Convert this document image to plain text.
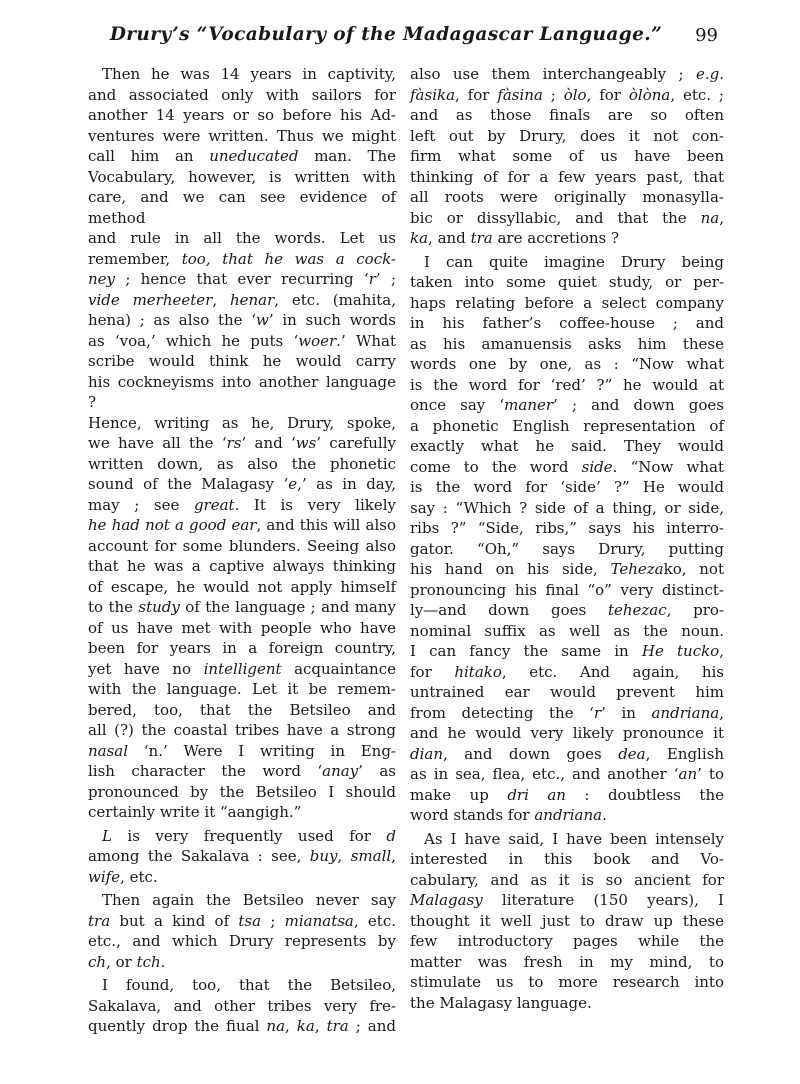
Drury’s “Vocabulary of the Madagascar Language.”	99

Then he was 14 years in captivity,
and associated only with sailors for
another 14 years or so before his Ad-
ventures were written. Thus we might
call him an uneducated man. The
Vocabulary, however, is written with
care, and we can see evidence of method
and rule in all the words. Let us
remember, too, that he was a cock-
ney ; hence that ever recurring ‘r’ ;
vide merheeter, henar, etc. (mahita,
hena) ; as also the ‘w’ in such words
as ‘voa,’ which he puts ‘woer.’ What
scribe would think he would carry
his cockneyisms into another language ?
Hence, writing as he, Drury, spoke,
we have all the ‘rs’ and ‘ws’ carefully
written down, as also the phonetic
sound of the Malagasy ‘e,’ as in day,
may ; see great. It is very likely
he had not a good ear, and this will also
account for some blunders. Seeing also
that he was a captive always thinking
of escape, he would not apply himself
to the study of the language ; and many
of us have met with people who have
been for years in a foreign country,
yet have no intelligent acquaintance
with the language. Let it be remem-
bered, too, that the Betsileo and
all (?) the coastal tribes have a strong
nasal ‘n.’ Were I writing in Eng-
lish character the word ‘anay’ as
pronounced by the Betsileo I should
certainly write it “aangigh.”

L is very frequently used for d
among the Sakalava : see, buy, small,
wife, etc.

Then again the Betsileo never say
tra but a kind of tsa ; mianatsa, etc.
etc., and which Drury represents by
ch, or tch.

I found, too, that the Betsileo,
Sakalava, and other tribes very fre-
quently drop the fiual na, ka, tra ; and

also use them interchangeably ; e.g.
fàsika, for fàsina ; òlo, for òlòna, etc. ;
and as those finals are so often
left out by Drury, does it not con-
firm what some of us have been
thinking of for a few years past, that
all roots were originally monasylla-
bic or dissyllabic, and that the na,
ka, and tra are accretions ?

I can quite imagine Drury being
taken into some quiet study, or per-
haps relating before a select company
in his father’s coffee-house ; and
as his amanuensis asks him these
words one by one, as : “Now what
is the word for ‘red’ ?” he would at
once say ‘maner’ ; and down goes
a phonetic English representation of
exactly what he said. They would
come to the word side. “Now what
is the word for ‘side’ ?” He would
say : “Which ? side of a thing, or side,
ribs ?” “Side, ribs,” says his interro-
gator. “Oh,” says Drury, putting
his hand on his side, Tehezako, not
pronouncing his final “o” very distinct-
ly—and down goes tehezac, pro-
nominal suffix as well as the noun.
I can fancy the same in He tucko,
for hitako, etc. And again, his
untrained ear would prevent him
from detecting the ‘r’ in andriana,
and he would very likely pronounce it
dian, and down goes dea, English
as in sea, flea, etc., and another ‘an’ to
make up dri an : doubtless the
word stands for andriana.

As I have said, I have been intensely
interested in this book and Vo-
cabulary, and as it is so ancient for
Malagasy literature (150 years), I
thought it well just to draw up these
few introductory pages while the
matter was fresh in my mind, to
stimulate us to more research into
the Malagasy language.
